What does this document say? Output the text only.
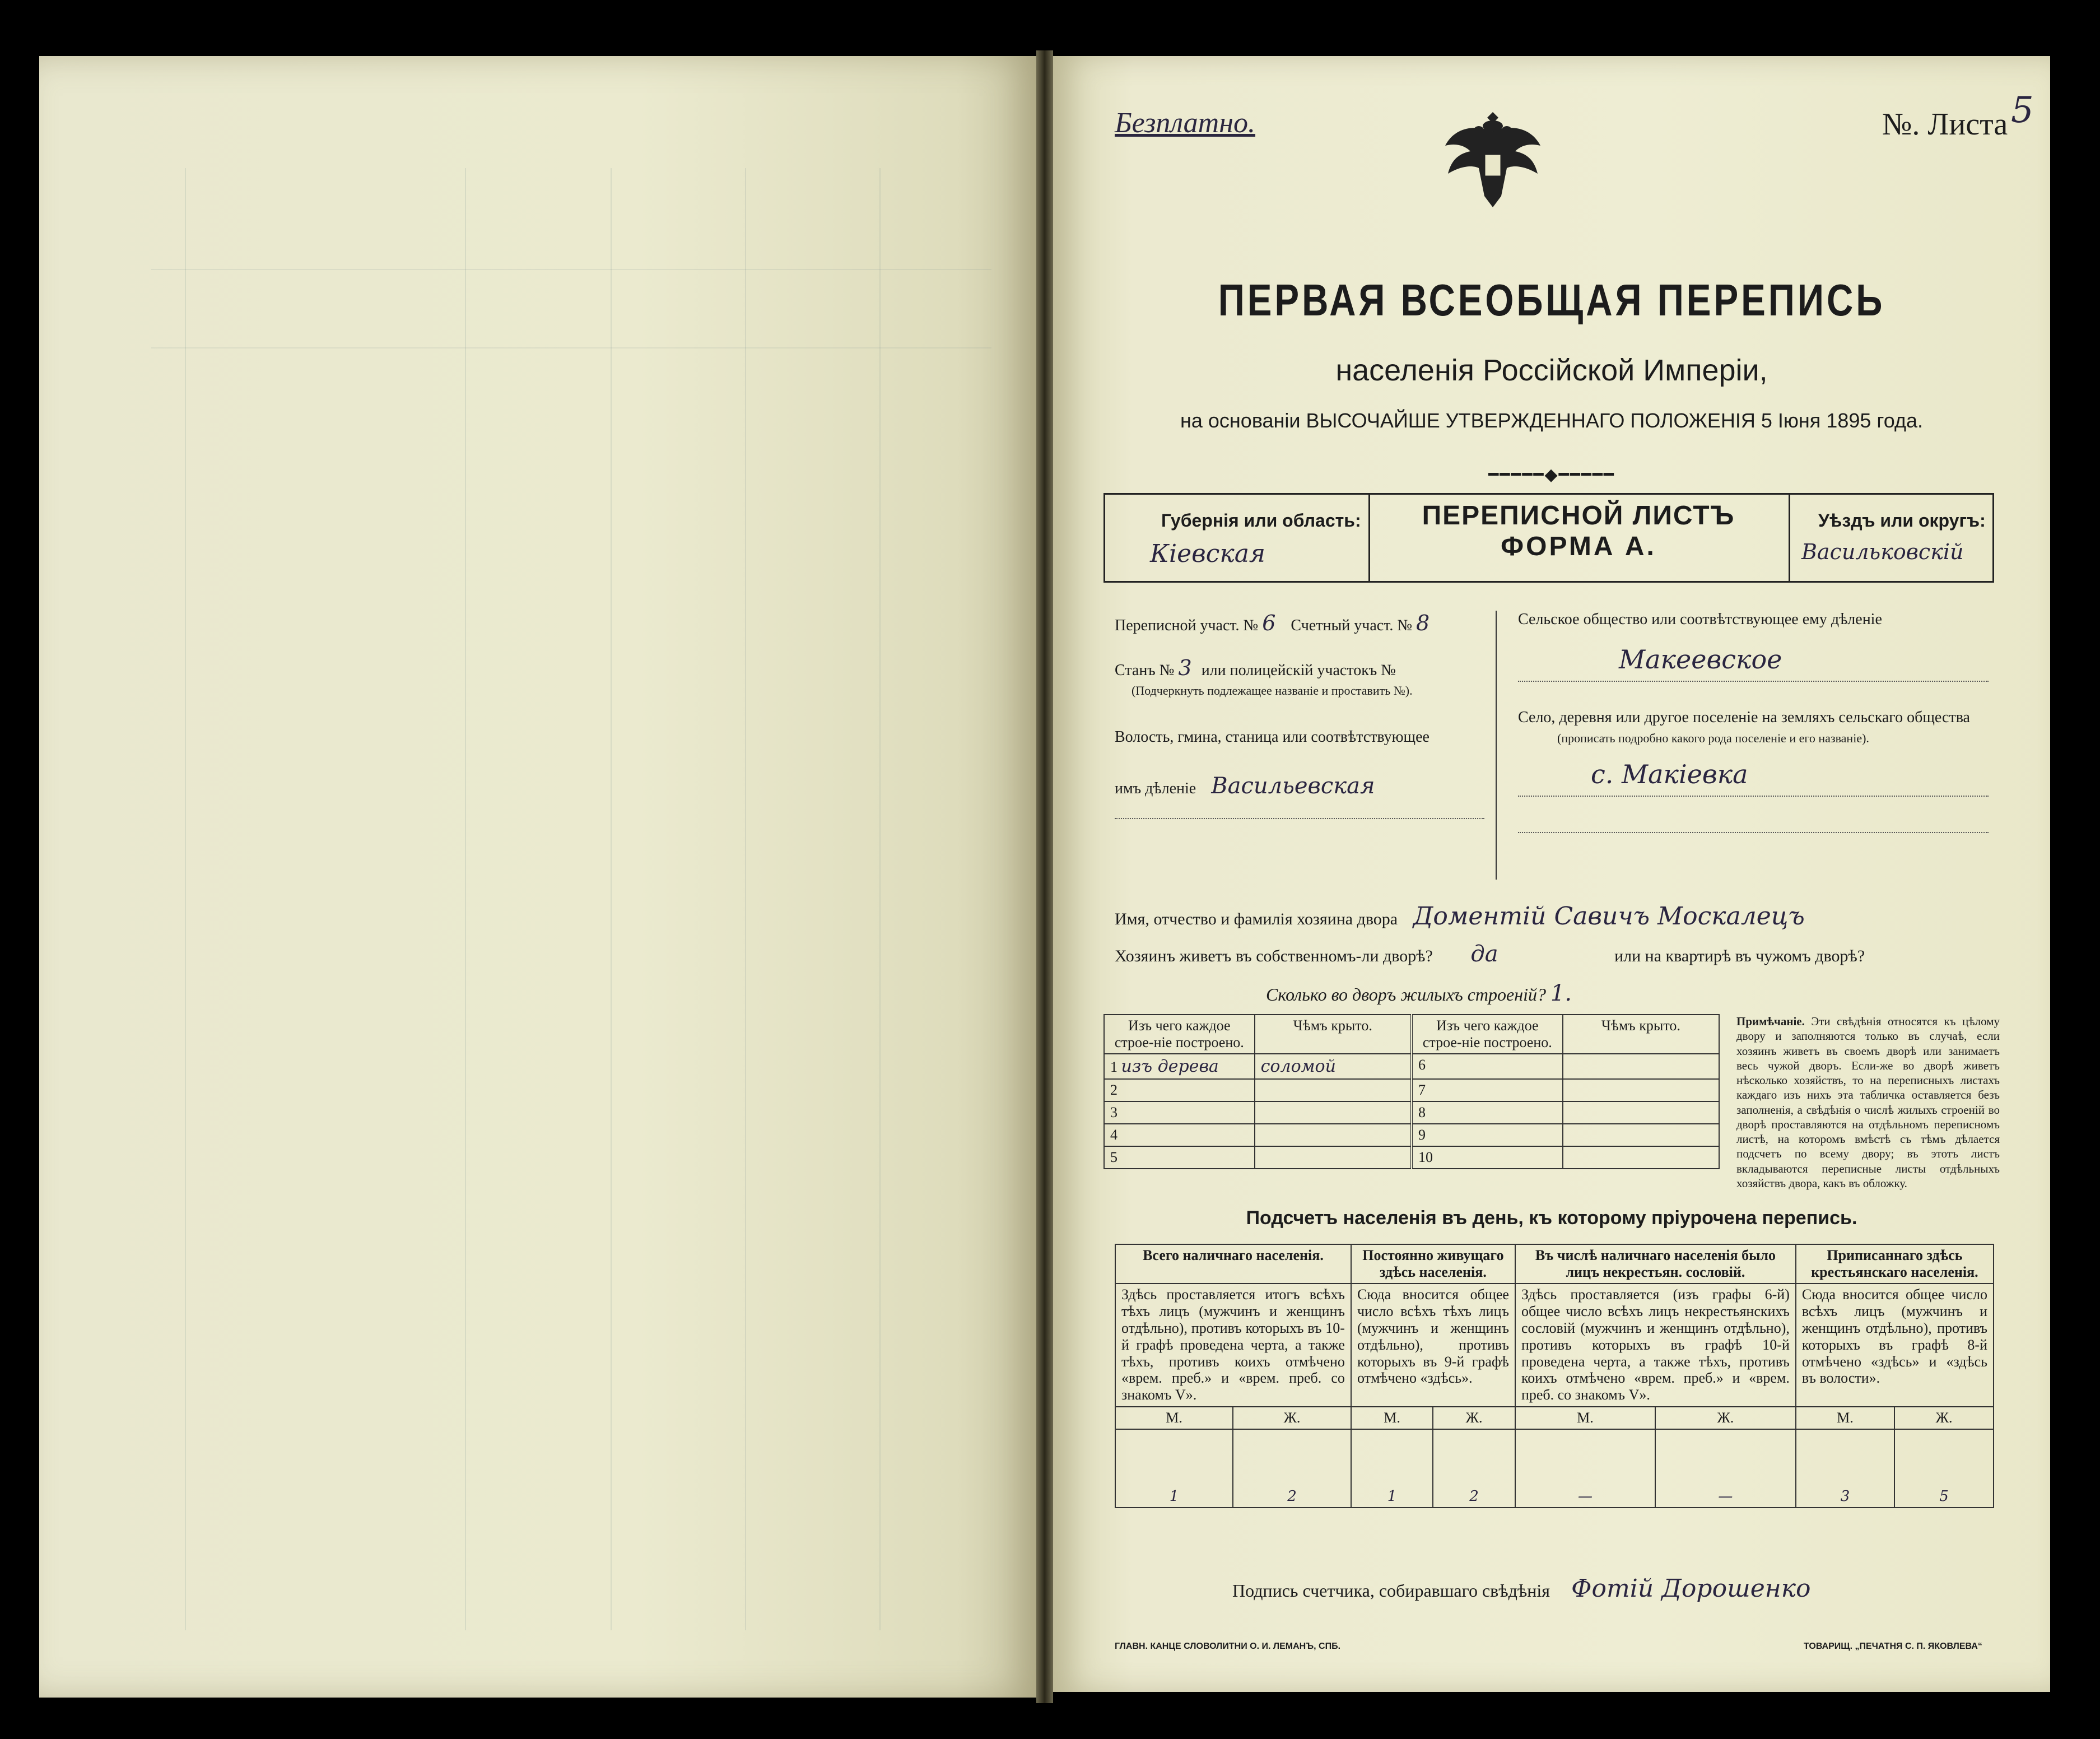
Безплатно.	№. Листа 5
ПЕРВАЯ ВСЕОБЩАЯ ПЕРЕПИСЬ
населенія Россійской Имперіи,
на основаніи ВЫСОЧАЙШЕ УТВЕРЖДЕННАГО ПОЛОЖЕНІЯ 5 Іюня 1895 года.
━━━━━◆━━━━━
Губернія или область:
Кіевская
ПЕРЕПИСНОЙ ЛИСТЪ
ФОРМА А.
Уѣздъ или округъ:
Васильковскій
Переписной участ. № 6 Счетный участ. № 8
Станъ № 3 или полицейскій участокъ №
(Подчеркнуть подлежащее названіе и проставить №).
Волость, гмина, станица или соотвѣтствующее
имъ дѣленіе Васильевская
Сельское общество или соотвѣтствующее ему дѣленіе
Макеевское
Село, деревня или другое поселеніе на земляхъ сельскаго общества
(прописать подробно какого рода поселеніе и его названіе).
с. Макіевка
Имя, отчество и фамилія хозяина двора Доментій Савичъ Москалецъ
Хозяинъ живетъ въ собственномъ-ли дворѣ? да	или на квартирѣ въ чужомъ дворѣ?
Сколько во дворъ жилыхъ строеній? 1.
Изъ чего каждое строе-ніе построено.	Чѣмъ крыто.	Изъ чего каждое строе-ніе построено.	Чѣмъ крыто.
1 изъ дерева	соломой	6	
2		7	
3		8	
4		9	
5		10	
Примѣчаніе. Эти свѣдѣнія относятся къ цѣлому двору и заполняются только въ случаѣ, если хозяинъ живетъ въ своемъ дворѣ или занимаетъ весь чужой дворъ. Если-же во дворѣ живетъ нѣсколько хозяйствъ, то на переписныхъ листахъ каждаго изъ нихъ эта табличка оставляется безъ заполненія, а свѣдѣнія о числѣ жилыхъ строеній во дворѣ проставляются на отдѣльномъ переписномъ листѣ, на которомъ вмѣстѣ съ тѣмъ дѣлается подсчетъ по всему двору; въ этотъ листъ вкладываются переписные листы отдѣльныхъ хозяйствъ двора, какъ въ обложку.
Подсчетъ населенія въ день, къ которому пріурочена перепись.
Всего наличнаго населенія.		Постоянно живущаго здѣсь населенія.		Въ числѣ наличнаго населенія было лицъ некрестьян. сословій.		Приписаннаго здѣсь крестьянскаго населенія.	
Здѣсь проставляется итогъ всѣхъ тѣхъ лицъ (мужчинъ и женщинъ отдѣльно), противъ которыхъ въ 10-й графѣ проведена черта, а также тѣхъ, противъ коихъ отмѣчено «врем. преб.» и «врем. преб. со знакомъ V».		Сюда вносится общее число всѣхъ тѣхъ лицъ (мужчинъ и женщинъ отдѣльно), противъ которыхъ въ 9-й графѣ отмѣчено «здѣсь».		Здѣсь проставляется (изъ графы 6-й) общее число всѣхъ лицъ некрестьянскихъ сословій (мужчинъ и женщинъ отдѣльно), противъ которыхъ въ графѣ 10-й проведена черта, а также тѣхъ, противъ коихъ отмѣчено «врем. преб.» и «врем. преб. со знакомъ V».		Сюда вносится общее число всѣхъ лицъ (мужчинъ и женщинъ отдѣльно), противъ которыхъ въ графѣ 8-й отмѣчено «здѣсь» и «здѣсь въ волости».	
М.	Ж.	М.	Ж.	М.	Ж.	М.	Ж.
1	2	1	2	—	—	3	5
Подпись счетчика, собиравшаго свѣдѣнія Фотій Дорошенко
ГЛАВН. КАНЦЕ СЛОВОЛИТНИ О. И. ЛЕМАНЪ, СПБ.	ТОВАРИЩ. „ПЕЧАТНЯ С. П. ЯКОВЛЕВА“
